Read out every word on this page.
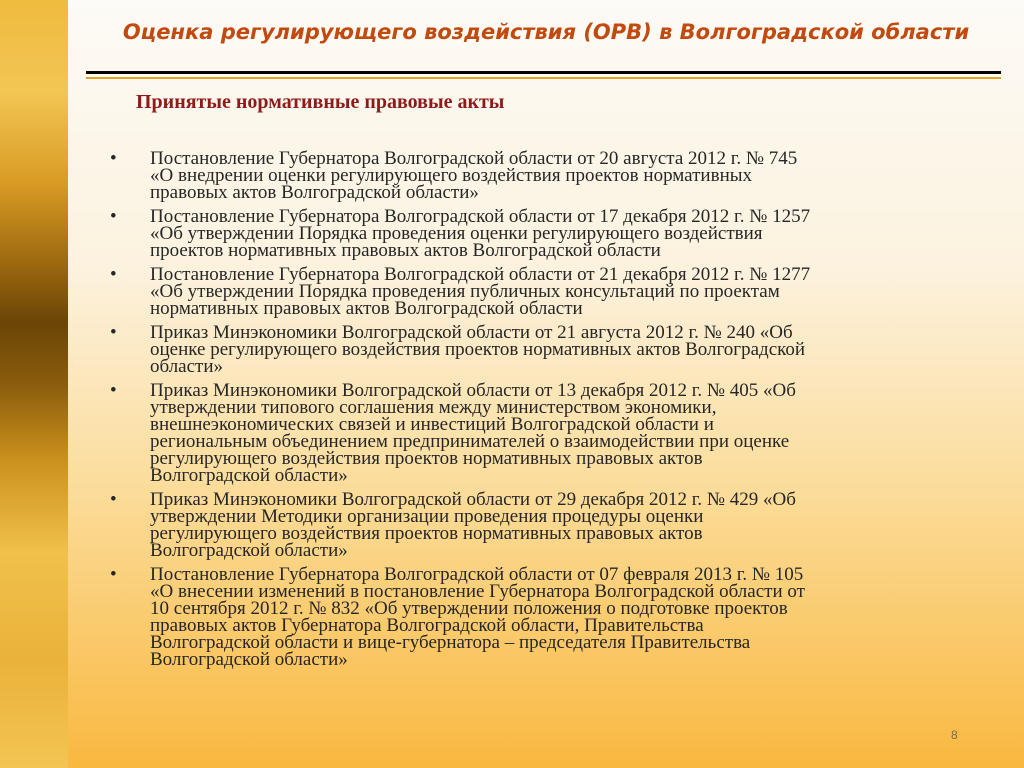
Оценка регулирующего воздействия (ОРВ) в Волгоградской области
Принятые нормативные правовые акты
• Постановление Губернатора Волгоградской области от 20 августа 2012 г. № 745
«О внедрении оценки регулирующего воздействия проектов нормативных
правовых актов Волгоградской области»
• Постановление Губернатора Волгоградской области от 17 декабря 2012 г. № 1257
«Об утверждении Порядка проведения оценки регулирующего воздействия
проектов нормативных правовых актов Волгоградской области
• Постановление Губернатора Волгоградской области от 21 декабря 2012 г. № 1277
«Об утверждении Порядка проведения публичных консультаций по проектам
нормативных правовых актов Волгоградской области
• Приказ Минэкономики Волгоградской области от 21 августа 2012 г. № 240 «Об
оценке регулирующего воздействия проектов нормативных актов Волгоградской
области»
• Приказ Минэкономики Волгоградской области от 13 декабря 2012 г. № 405 «Об
утверждении типового соглашения между министерством экономики,
внешнеэкономических связей и инвестиций Волгоградской области и
региональным объединением предпринимателей о взаимодействии при оценке
регулирующего воздействия проектов нормативных правовых актов
Волгоградской области»
• Приказ Минэкономики Волгоградской области от 29 декабря 2012 г. № 429 «Об
утверждении Методики организации проведения процедуры оценки
регулирующего воздействия проектов нормативных правовых актов
Волгоградской области»
• Постановление Губернатора Волгоградской области от 07 февраля 2013 г. № 105
«О внесении изменений в постановление Губернатора Волгоградской области от
10 сентября 2012 г. № 832 «Об утверждении положения о подготовке проектов
правовых актов Губернатора Волгоградской области, Правительства
Волгоградской области и вице-губернатора – председателя Правительства
Волгоградской области»
8
